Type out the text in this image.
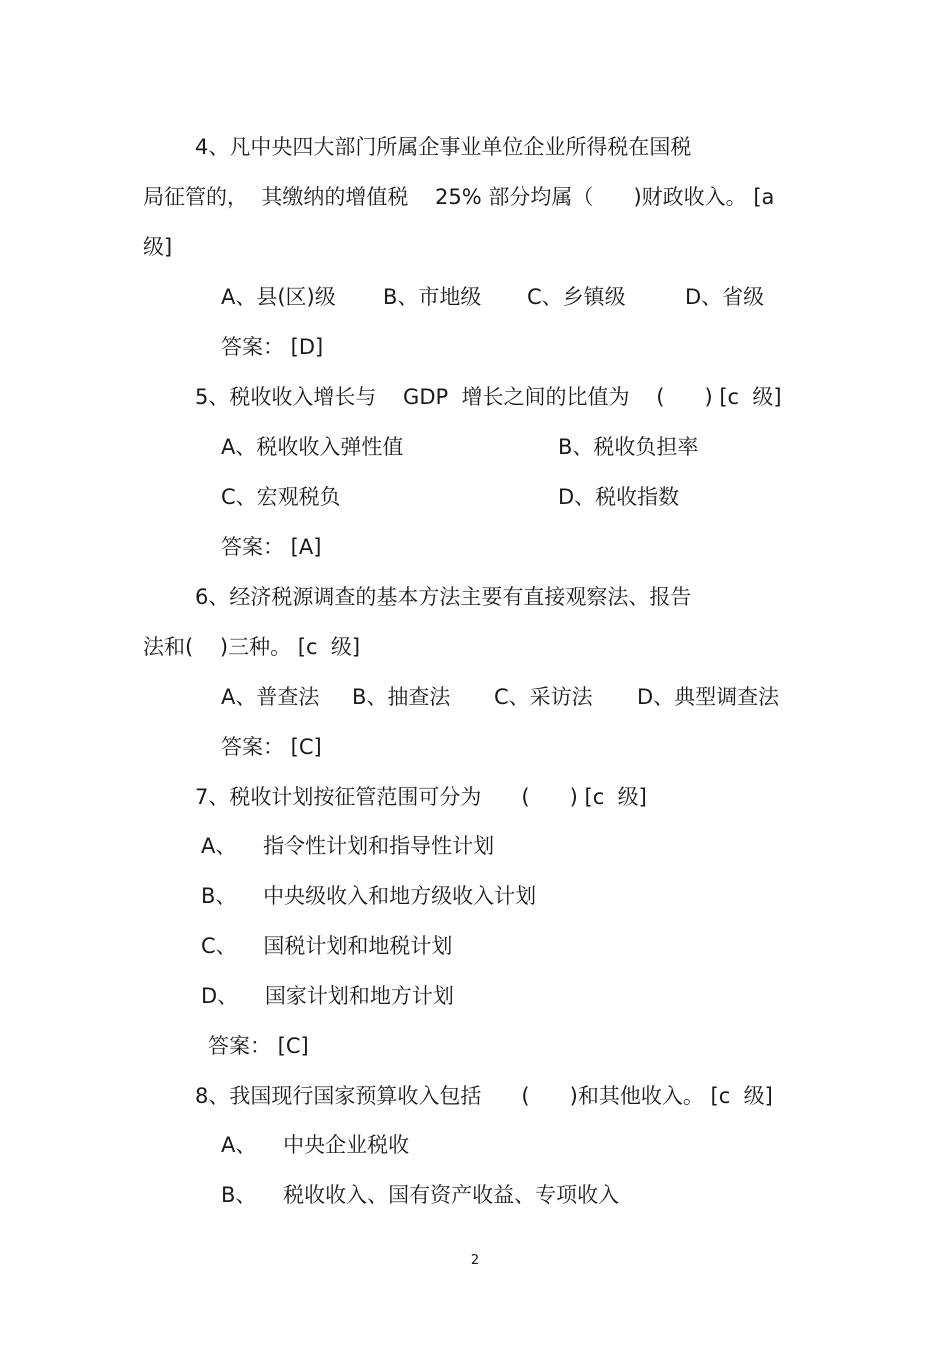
4、凡中央四大部门所属企事业单位企业所得税在国税
局征管的，  其缴纳的增值税    25% 部分均属（      )财政收入。 [a
级]
A、县(区)级 B、市地级 C、乡镇级	D、省级
答案： [D]
5、税收收入增长与    GDP  增长之间的比值为    (      ) [c  级]
A、税收收入弹性值	B、税收负担率
C、宏观税负	D、税收指数
答案： [A]
6、经济税源调查的基本方法主要有直接观察法、报告
法和(    )三种。 [c  级]
A、普查法 B、抽查法 C、采访法 D、典型调查法
答案： [C]
7、税收计划按征管范围可分为      (      ) [c  级]
A、    指令性计划和指导性计划
B、    中央级收入和地方级收入计划
C、    国税计划和地税计划
D、    国家计划和地方计划
答案： [C]
8、我国现行国家预算收入包括      (      )和其他收入。 [c  级]
A、    中央企业税收
B、    税收收入、国有资产收益、专项收入
2
